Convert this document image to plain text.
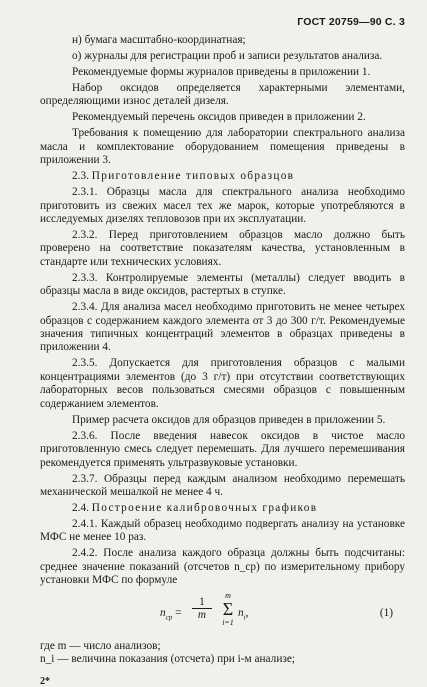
ГОСТ 20759—90 С. 3

н) бумага масштабно-координатная;

о) журналы для регистрации проб и записи результатов анализа.

Рекомендуемые формы журналов приведены в приложении 1.

Набор оксидов определяется характерными элементами, определяющими износ деталей дизеля.

Рекомендуемый перечень оксидов приведен в приложении 2.

Требования к помещению для лаборатории спектрального анализа масла и комплектование оборудованием помещения приведены в приложении 3.

2.3. Приготовление типовых образцов

2.3.1. Образцы масла для спектрального анализа необходимо приготовить из свежих масел тех же марок, которые употребляются в исследуемых дизелях тепловозов при их эксплуатации.

2.3.2. Перед приготовлением образцов масло должно быть проверено на соответствие показателям качества, установленным в стандарте или технических условиях.

2.3.3. Контролируемые элементы (металлы) следует вводить в образцы масла в виде оксидов, растертых в ступке.

2.3.4. Для анализа масел необходимо приготовить не менее четырех образцов с содержанием каждого элемента от 3 до 300 г/т. Рекомендуемые значения типичных концентраций элементов в образцах приведены в приложении 4.

2.3.5. Допускается для приготовления образцов с малыми концентрациями элементов (до 3 г/т) при отсутствии соответствующих лабораторных весов пользоваться смесями образцов с повышенным содержанием элементов.

Пример расчета оксидов для образцов приведен в приложении 5.

2.3.6. После введения навесок оксидов в чистое масло приготовленную смесь следует перемешать. Для лучшего перемешивания рекомендуется применять ультразвуковые установки.

2.3.7. Образцы перед каждым анализом необходимо перемешать механической мешалкой не менее 4 ч.

2.4. Построение калибровочных графиков

2.4.1. Каждый образец необходимо подвергать анализу на установке МФС не менее 10 раз.

2.4.2. После анализа каждого образца должны быть подсчитаны: среднее значение показаний (отсчетов n_ср) по измерительному прибору установки МФС по формуле

$n_{ср} = \frac{1}{m}$
m
Σ
i=1
$n_i$,	(1)

где m — число анализов;

n_i — величина показания (отсчета) при i-м анализе;

2*
